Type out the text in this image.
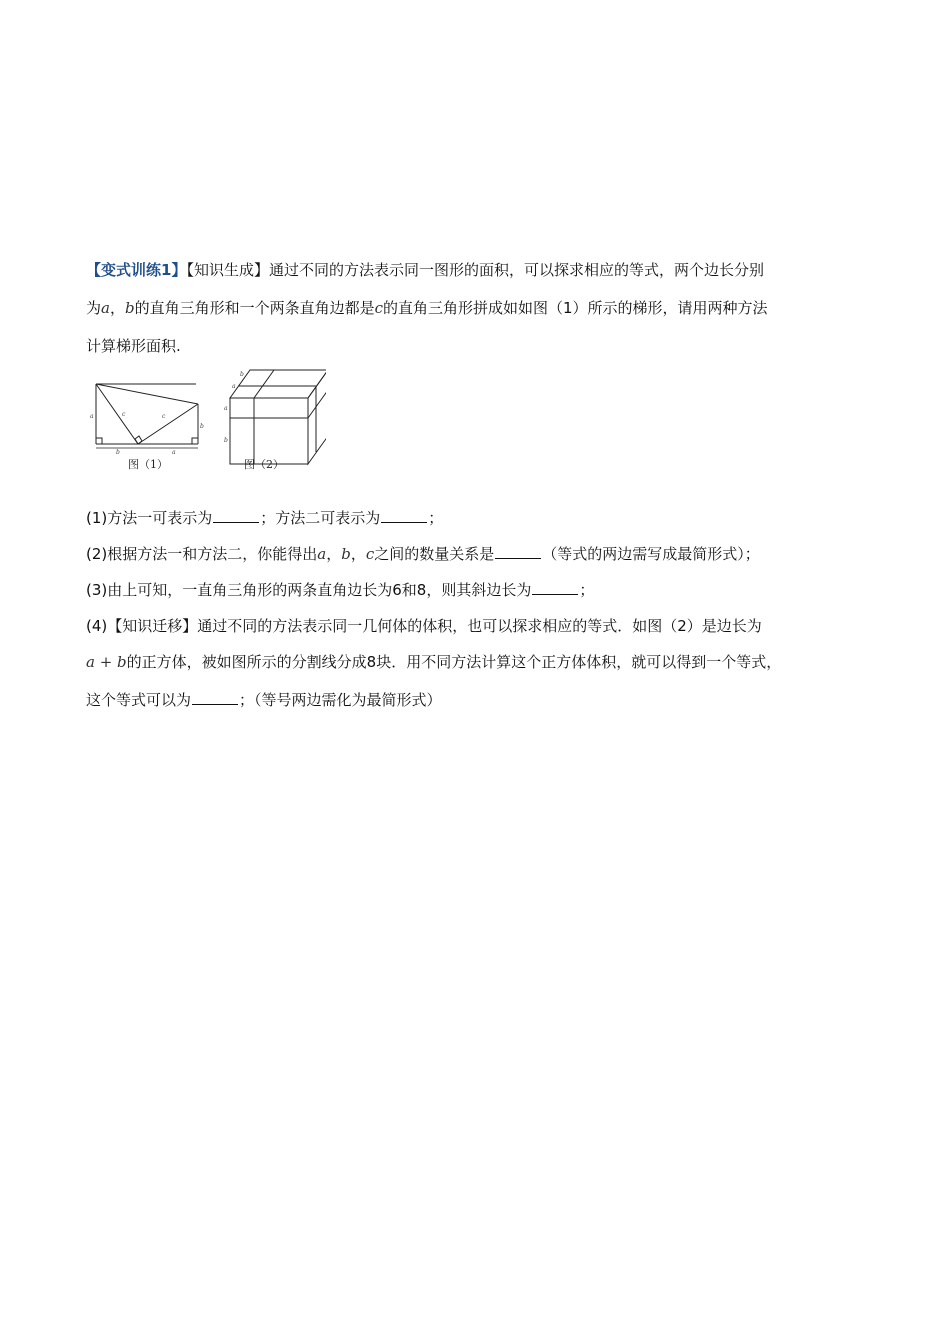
【变式训练1】【知识生成】通过不同的方法表示同一图形的面积，可以探求相应的等式，两个边长分别
为a，b的直角三角形和一个两条直角边都是c的直角三角形拼成如如图（1）所示的梯形，请用两种方法
计算梯形面积.
a	c	c
b
b	a
图（1）
b
a
a
b
图（2）
(1)方法一可表示为	；方法二可表示为	；
(2)根据方法一和方法二，你能得出a，b，c之间的数量关系是	（等式的两边需写成最简形式）；
(3)由上可知，一直角三角形的两条直角边长为6和8，则其斜边长为	；
(4)【知识迁移】通过不同的方法表示同一几何体的体积，也可以探求相应的等式．如图（2）是边长为
a + b的正方体，被如图所示的分割线分成8块．用不同方法计算这个正方体体积，就可以得到一个等式，
这个等式可以为	；（等号两边需化为最简形式）
